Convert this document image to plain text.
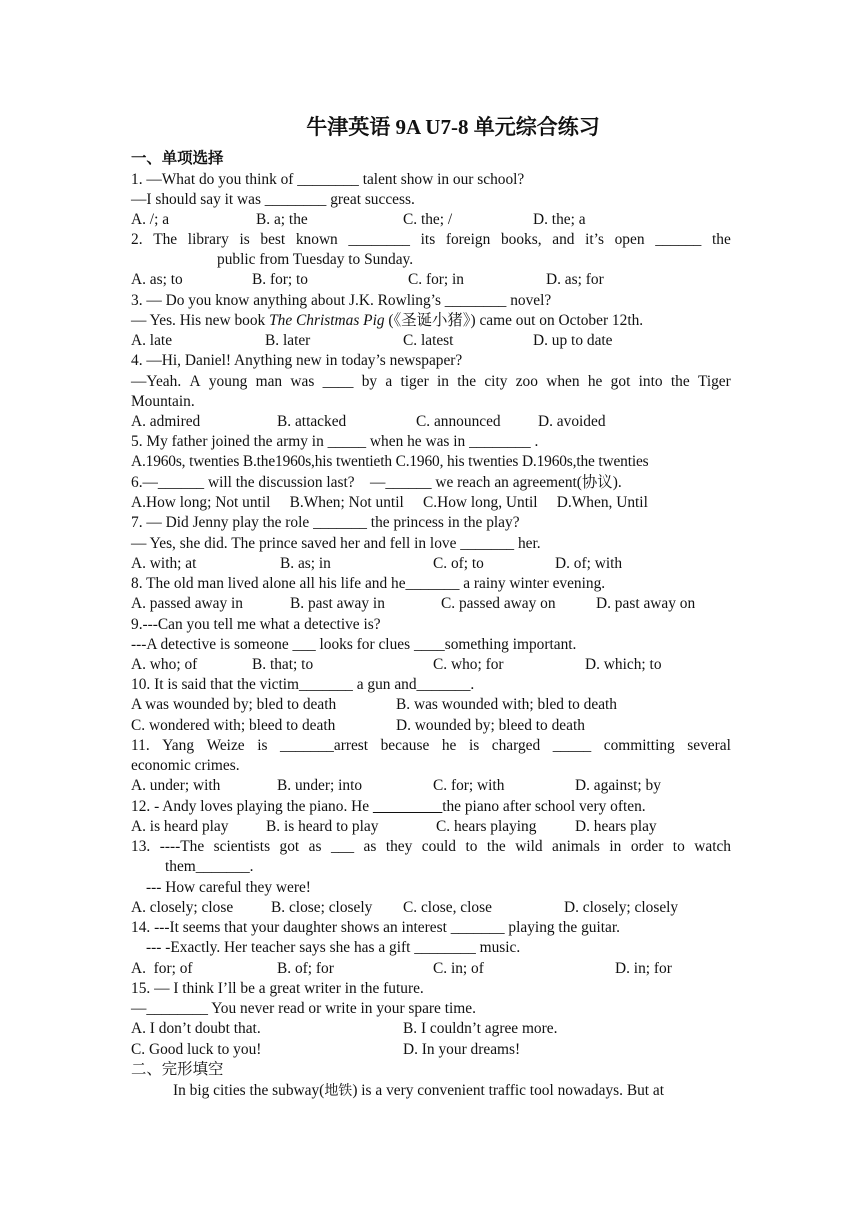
牛津英语 9A U7-8 单元综合练习
一、单项选择
1. —What do you think of ________ talent show in our school?
—I should say it was ________ great success.
A. /; a	B. a; the	C. the; /	D. the; a
2. The library is best known ________ its foreign books, and it’s open ______ the
public from Tuesday to Sunday.
A. as; to	B. for; to	C. for; in	D. as; for
3. — Do you know anything about J.K. Rowling’s ________ novel?
— Yes. His new book The Christmas Pig (《圣诞小猪》) came out on October 12th.
A. late	B. later	C. latest	D. up to date
4. —Hi, Daniel! Anything new in today’s newspaper?
—Yeah. A young man was ____ by a tiger in the city zoo when he got into the Tiger
Mountain.
A. admired	B. attacked	C. announced D. avoided
5. My father joined the army in _____ when he was in ________ .
A.1960s, twenties B.the1960s,his twentieth C.1960, his twenties D.1960s,the twenties
6.—______ will the discussion last?    —______ we reach an agreement(协议).
A.How long; Not until     B.When; Not until     C.How long, Until     D.When, Until
7. — Did Jenny play the role _______ the princess in the play?
— Yes, she did. The prince saved her and fell in love _______ her.
A. with; at	B. as; in	C. of; to	D. of; with
8. The old man lived alone all his life and he_______ a rainy winter evening.
A. passed away in	B. past away in	C. passed away on	D. past away on
9.---Can you tell me what a detective is?
---A detective is someone ___ looks for clues ____something important.
A. who; of	B. that; to	C. who; for	D. which; to
10. It is said that the victim_______ a gun and_______.
A was wounded by; bled to death	B. was wounded with; bled to death
C. wondered with; bleed to death	D. wounded by; bleed to death
11. Yang Weize is _______arrest because he is charged _____ committing several
economic crimes.
A. under; with	B. under; into	C. for; with	D. against; by
12. - Andy loves playing the piano. He _________the piano after school very often.
A. is heard play B. is heard to play	C. hears playing	D. hears play
13. ----The scientists got as ___ as they could to the wild animals in order to watch
them_______.
--- How careful they were!
A. closely; close B. close; closely C. close, close	D. closely; closely
14. ---It seems that your daughter shows an interest _______ playing the guitar.
--- -Exactly. Her teacher says she has a gift ________ music.
A.  for; of	B. of; for	C. in; of	D. in; for
15. — I think I’ll be a great writer in the future.
—________ You never read or write in your spare time.
A. I don’t doubt that.	B. I couldn’t agree more.
C. Good luck to you!	D. In your dreams!
二、完形填空
In big cities the subway(地铁) is a very convenient traffic tool nowadays. But at
